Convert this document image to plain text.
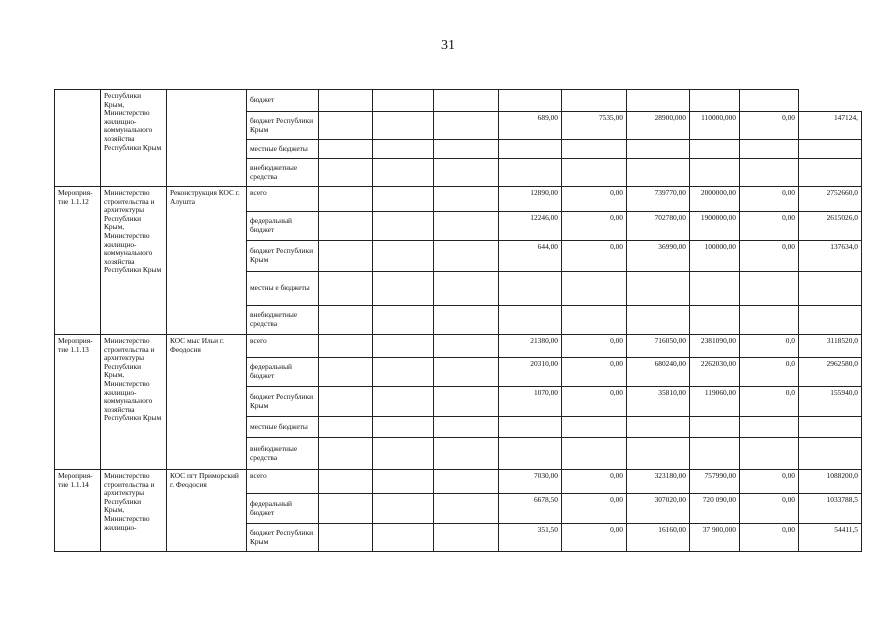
31
	Республики Крым, Министерство жилищно-коммунального хозяйства Республики Крым		бюджет									
			бюджет Республики Крым				689,00	7535,00	28900,000	110000,000	0,00	147124,
			местные бюджеты									
			внебюджетные средства									
Мероприя-тие 1.1.12	Министерство строительства и архитектуры Республики Крым, Министерство жилищно-коммунального хозяйства Республики Крым	Реконструкция КОС г. Алушта	всего				12890,00	0,00	739770,00	2000000,00	0,00	2752660,0
			федеральный бюджет				12246,00	0,00	702780,00	1900000,00	0,00	2615026,0
			бюджет Республики Крым				644,00	0,00	36990,00	100000,00	0,00	137634,0
			местны е бюджеты									
			внебюджетные средства									
Мероприя-тие 1.1.13	Министерство строительства и архитектуры Республики Крым, Министерство жилищно-коммунального хозяйства Республики Крым	КОС мыс Ильи г. Феодосия	всего				21380,00	0,00	716050,00	2381090,00	0,0	3118520,0
			федеральный бюджет				20310,00	0,00	680240,00	2262030,00	0,0	2962580,0
			бюджет Республики Крым				1070,00	0,00	35810,00	119060,00	0,0	155940,0
			местные бюджеты									
			внебюджетные средства									
Мероприя-тие 1.1.14	Министерство строительства и архитектуры Республики Крым, Министерство жилищно-	КОС пгт Приморский г. Феодосия	всего				7030,00	0,00	323180,00	757990,00	0,00	1088200,0
			федеральный бюджет				6678,50	0,00	307020,00	720 090,00	0,00	1033788,5
			бюджет Республики Крым				351,50	0,00	16160,00	37 900,000	0,00	54411,5
